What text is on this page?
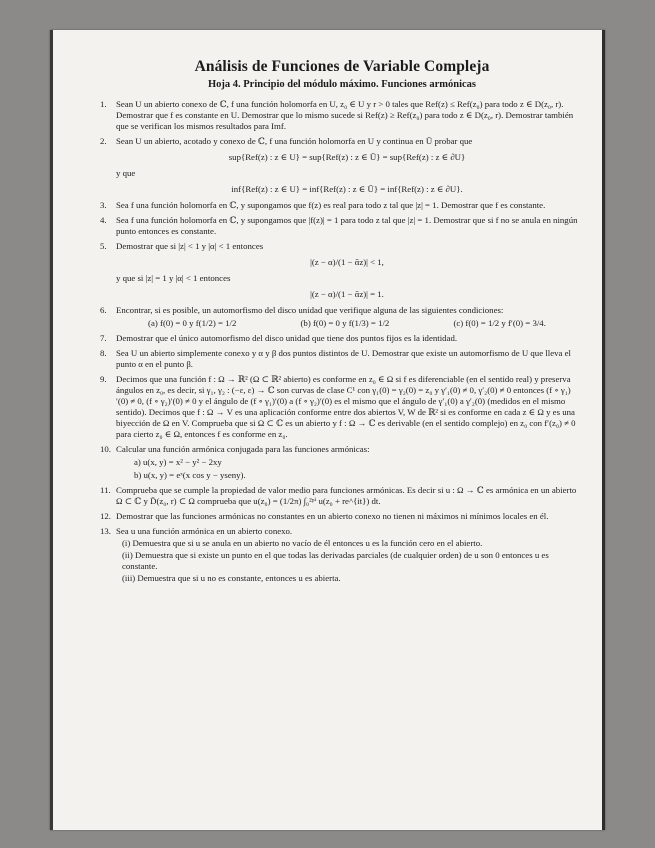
Análisis de Funciones de Variable Compleja
Hoja 4. Principio del módulo máximo. Funciones armónicas
1. Sean U un abierto conexo de ℂ, f una función holomorfa en U, z₀ ∈ U y r > 0 tales que Ref(z) ≤ Ref(z₀) para todo z ∈ D(z₀, r). Demostrar que f es constante en U. Demostrar que lo mismo sucede si Ref(z) ≥ Ref(z₀) para todo z ∈ D(z₀, r). Demostrar también que se verifican los mismos resultados para Imf.
2. Sean U un abierto, acotado y conexo de ℂ, f una función holomorfa en U y continua en Ū probar que
sup{Ref(z) : z ∈ U} = sup{Ref(z) : z ∈ Ū} = sup{Ref(z) : z ∈ ∂U}
y que
inf{Ref(z) : z ∈ U} = inf{Ref(z) : z ∈ Ū} = inf{Ref(z) : z ∈ ∂U}.
3. Sea f una función holomorfa en ℂ, y supongamos que f(z) es real para todo z tal que |z| = 1. Demostrar que f es constante.
4. Sea f una función holomorfa en ℂ, y supongamos que |f(z)| = 1 para todo z tal que |z| = 1. Demostrar que si f no se anula en ningún punto entonces es constante.
5. Demostrar que si |z| < 1 y |α| < 1 entonces
|(z − α)/(1 − ᾱz)| < 1,
y que si |z| = 1 y |α| < 1 entonces
|(z − α)/(1 − ᾱz)| = 1.
6. Encontrar, si es posible, un automorfismo del disco unidad que verifique alguna de las siguientes condiciones:
(a) f(0) = 0 y f(1/2) = 1/2	(b) f(0) = 0 y f(1/3) = 1/2	(c) f(0) = 1/2 y f′(0) = 3/4.
7. Demostrar que el único automorfismo del disco unidad que tiene dos puntos fijos es la identidad.
8. Sea U un abierto simplemente conexo y α y β dos puntos distintos de U. Demostrar que existe un automorfismo de U que lleva el punto α en el punto β.
9. Decimos que una función f : Ω → ℝ² (Ω ⊂ ℝ² abierto) es conforme en z₀ ∈ Ω si f es diferenciable (en el sentido real) y preserva ángulos en z₀, es decir, si γ₁, γ₂ : (−ε, ε) → ℂ son curvas de clase C¹ con γ₁(0) = γ₂(0) = z₀ y γ′₁(0) ≠ 0, γ′₂(0) ≠ 0 entonces (f ∘ γ₁)′(0) ≠ 0, (f ∘ γ₂)′(0) ≠ 0 y el ángulo de (f ∘ γ₁)′(0) a (f ∘ γ₂)′(0) es el mismo que el ángulo de γ′₁(0) a γ′₂(0) (medidos en el mismo sentido). Decimos que f : Ω → V es una aplicación conforme entre dos abiertos V, W de ℝ² si es conforme en cada z ∈ Ω y es una biyección de Ω en V. Comprueba que si Ω ⊂ ℂ es un abierto y f : Ω → ℂ es derivable (en el sentido complejo) en z₀ con f′(z₀) ≠ 0 para cierto z₀ ∈ Ω, entonces f es conforme en z₀.
10. Calcular una función armónica conjugada para las funciones armónicas:
a) u(x, y) = x² − y² − 2xy
b) u(x, y) = eˣ(x cos y − yseny).
11. Comprueba que se cumple la propiedad de valor medio para funciones armónicas. Es decir si u : Ω → ℂ es armónica en un abierto Ω ⊂ ℂ y D̄(z₀, r) ⊂ Ω comprueba que u(z₀) = (1/2π) ∫₀²ᵖⁱ u(z₀ + re^{it}) dt.
12. Demostrar que las funciones armónicas no constantes en un abierto conexo no tienen ni máximos ni mínimos locales en él.
13. Sea u una función armónica en un abierto conexo.
(i) Demuestra que si u se anula en un abierto no vacío de él entonces u es la función cero en el abierto.
(ii) Demuestra que si existe un punto en el que todas las derivadas parciales (de cualquier orden) de u son 0 entonces u es constante.
(iii) Demuestra que si u no es constante, entonces u es abierta.
